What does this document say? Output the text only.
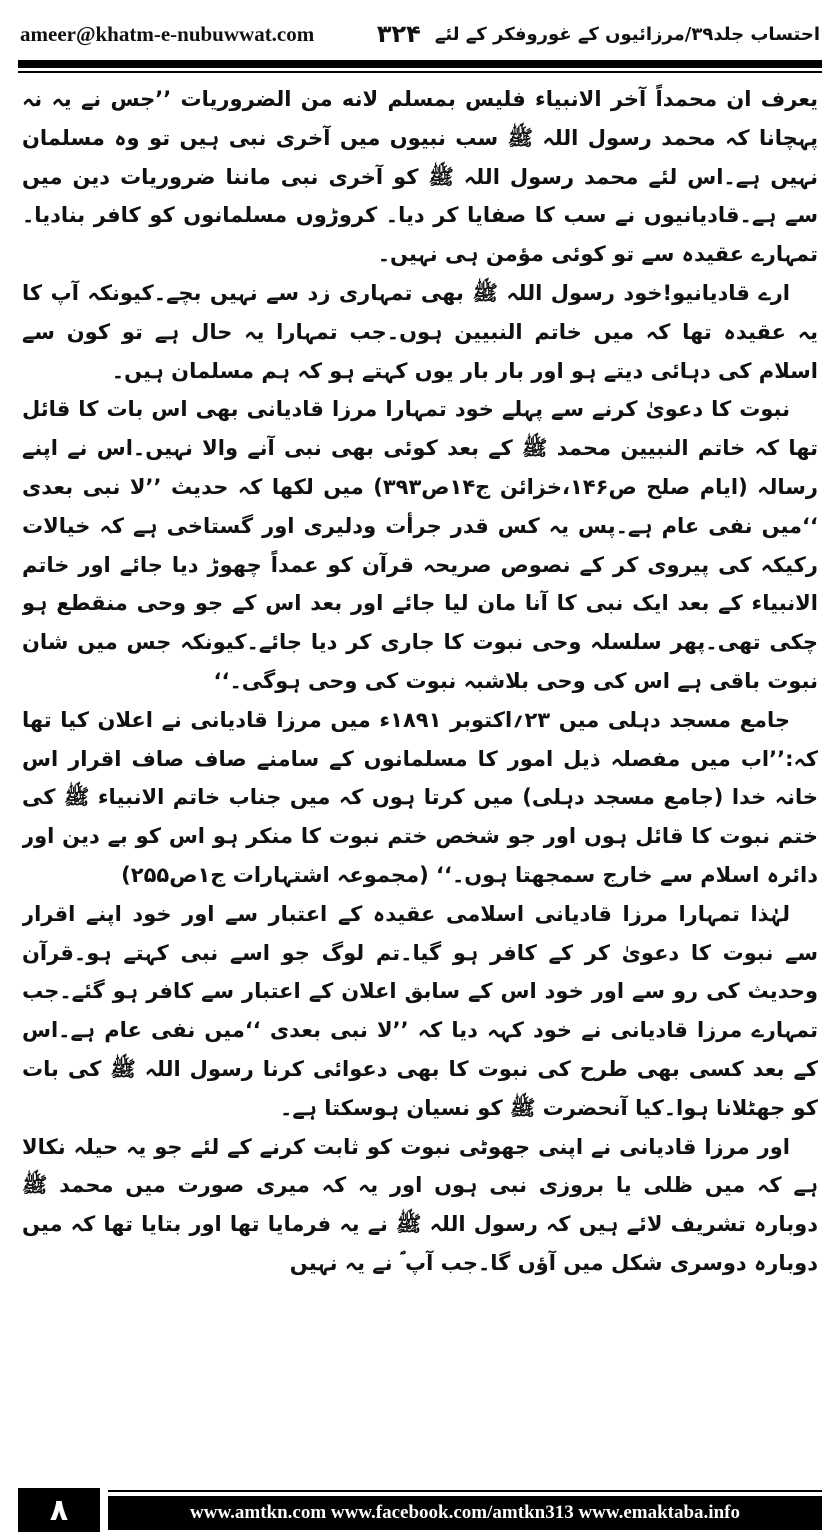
ameer@khatm-e-nubuwwat.com	احتساب جلد۳۹/مرزائیوں کے غوروفکر کے لئے
۳۲۴

یعرف ان محمداً آخر الانبیاء فلیس بمسلم لانه من الضروریات ’’جس نے یہ نہ پہچانا کہ محمد رسول اللہ ﷺ سب نبیوں میں آخری نبی ہیں تو وہ مسلمان نہیں ہے۔اس لئے محمد رسول اللہ ﷺ کو آخری نبی ماننا ضروریات دین میں سے ہے۔قادیانیوں نے سب کا صفایا کر دیا۔ کروڑوں مسلمانوں کو کافر بنادیا۔تمہارے عقیدہ سے تو کوئی مؤمن ہی نہیں۔

ارے قادیانیو!خود رسول اللہ ﷺ بھی تمہاری زد سے نہیں بچے۔کیونکہ آپ کا یہ عقیدہ تھا کہ میں خاتم النبیین ہوں۔جب تمہارا یہ حال ہے تو کون سے اسلام کی دہائی دیتے ہو اور بار بار یوں کہتے ہو کہ ہم مسلمان ہیں۔

نبوت کا دعویٰ کرنے سے پہلے خود تمہارا مرزا قادیانی بھی اس بات کا قائل تھا کہ خاتم النبیین محمد ﷺ کے بعد کوئی بھی نبی آنے والا نہیں۔اس نے اپنے رسالہ (ایام صلح ص۱۴۶،خزائن ج۱۴ص۳۹۳) میں لکھا کہ حدیث ’’لا نبی بعدی ‘‘میں نفی عام ہے۔پس یہ کس قدر جرأت ودلیری اور گستاخی ہے کہ خیالات رکیکہ کی پیروی کر کے نصوص صریحہ قرآن کو عمداً چھوڑ دیا جائے اور خاتم الانبیاء کے بعد ایک نبی کا آنا مان لیا جائے اور بعد اس کے جو وحی منقطع ہو چکی تھی۔پھر سلسلہ وحی نبوت کا جاری کر دیا جائے۔کیونکہ جس میں شان نبوت باقی ہے اس کی وحی بلاشبہ نبوت کی وحی ہوگی۔‘‘

جامع مسجد دہلی میں ۲۳؍اکتوبر ۱۸۹۱ء میں مرزا قادیانی نے اعلان کیا تھا کہ:’’اب میں مفصلہ ذیل امور کا مسلمانوں کے سامنے صاف صاف اقرار اس خانہ خدا (جامع مسجد دہلی) میں کرتا ہوں کہ میں جناب خاتم الانبیاء ﷺ کی ختم نبوت کا قائل ہوں اور جو شخص ختم نبوت کا منکر ہو اس کو بے دین اور دائرہ اسلام سے خارج سمجھتا ہوں۔‘‘ (مجموعہ اشتہارات ج۱ص۲۵۵)

لہٰذا تمہارا مرزا قادیانی اسلامی عقیدہ کے اعتبار سے اور خود اپنے اقرار سے نبوت کا دعویٰ کر کے کافر ہو گیا۔تم لوگ جو اسے نبی کہتے ہو۔قرآن وحدیث کی رو سے اور خود اس کے سابق اعلان کے اعتبار سے کافر ہو گئے۔جب تمہارے مرزا قادیانی نے خود کہہ دیا کہ ’’لا نبی بعدی ‘‘میں نفی عام ہے۔اس کے بعد کسی بھی طرح کی نبوت کا بھی دعوائی کرنا رسول اللہ ﷺ کی بات کو جھٹلانا ہوا۔کیا آنحضرت ﷺ کو نسیان ہوسکتا ہے۔

اور مرزا قادیانی نے اپنی جھوٹی نبوت کو ثابت کرنے کے لئے جو یہ حیلہ نکالا ہے کہ میں ظلی یا بروزی نبی ہوں اور یہ کہ میری صورت میں محمد ﷺ دوبارہ تشریف لائے ہیں کہ رسول اللہ ﷺ نے یہ فرمایا تھا اور بتایا تھا کہ میں دوبارہ دوسری شکل میں آؤں گا۔جب آپ ؐ نے یہ نہیں

۸	www.amtkn.com www.facebook.com/amtkn313 www.emaktaba.info
